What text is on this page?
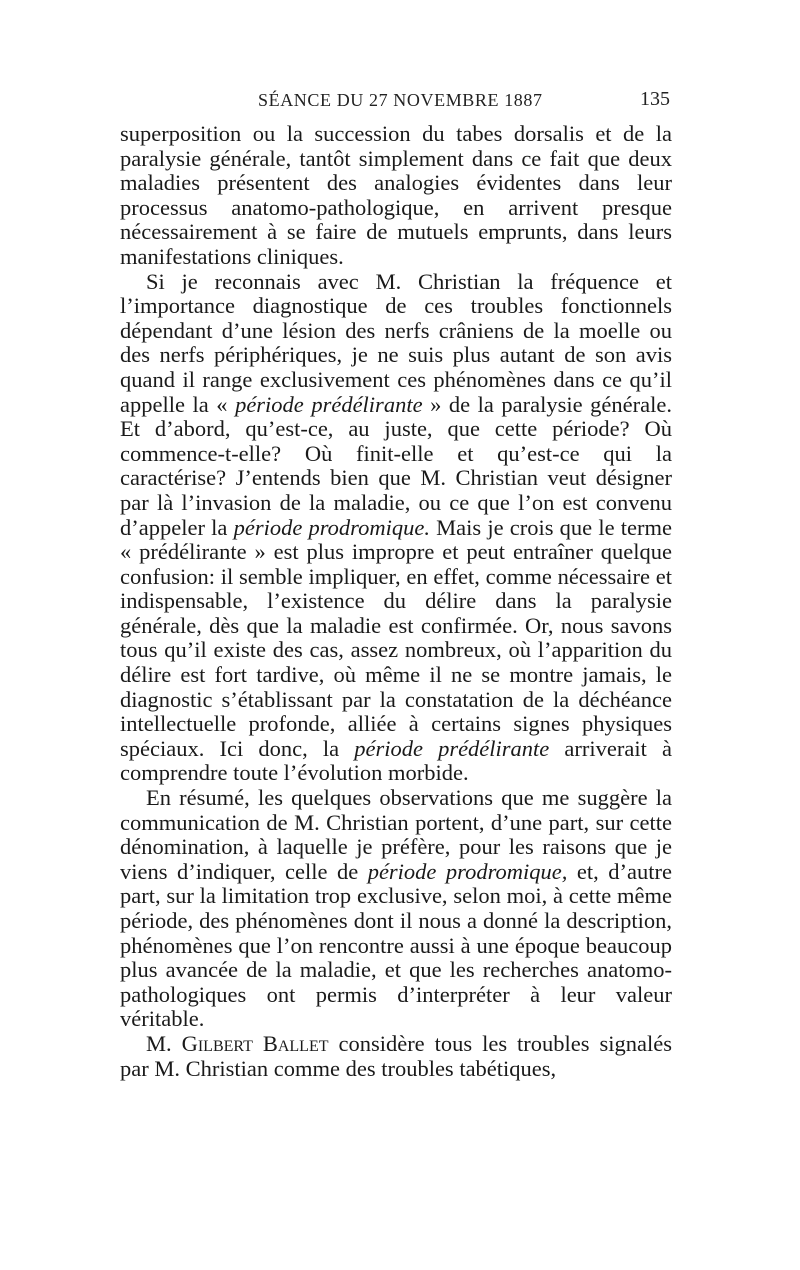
SÉANCE DU 27 NOVEMBRE 1887	135

superposition ou la succession du tabes dorsalis et de la paralysie générale, tantôt simplement dans ce fait que deux maladies présentent des analogies évidentes dans leur processus anatomo-pathologique, en arrivent presque nécessairement à se faire de mutuels emprunts, dans leurs manifestations cliniques.

Si je reconnais avec M. Christian la fréquence et l’importance diagnostique de ces troubles fonctionnels dépendant d’une lésion des nerfs crâniens de la moelle ou des nerfs périphériques, je ne suis plus autant de son avis quand il range exclusivement ces phénomènes dans ce qu’il appelle la « période prédélirante » de la paralysie générale. Et d’abord, qu’est-ce, au juste, que cette période? Où commence-t-elle? Où finit-elle et qu’est-ce qui la caractérise? J’entends bien que M. Christian veut désigner par là l’invasion de la maladie, ou ce que l’on est convenu d’appeler la période prodromique. Mais je crois que le terme « prédélirante » est plus impropre et peut entraîner quelque confusion: il semble impliquer, en effet, comme nécessaire et indispensable, l’existence du délire dans la paralysie générale, dès que la maladie est confirmée. Or, nous savons tous qu’il existe des cas, assez nombreux, où l’apparition du délire est fort tardive, où même il ne se montre jamais, le diagnostic s’établissant par la constatation de la déchéance intellectuelle profonde, alliée à certains signes physiques spéciaux. Ici donc, la période prédélirante arriverait à comprendre toute l’évolution morbide.

En résumé, les quelques observations que me suggère la communication de M. Christian portent, d’une part, sur cette dénomination, à laquelle je préfère, pour les raisons que je viens d’indiquer, celle de période prodromique, et, d’autre part, sur la limitation trop exclusive, selon moi, à cette même période, des phénomènes dont il nous a donné la description, phénomènes que l’on rencontre aussi à une époque beaucoup plus avancée de la maladie, et que les recherches anatomo-pathologiques ont permis d’interpréter à leur valeur véritable.

M. Gilbert Ballet considère tous les troubles signalés par M. Christian comme des troubles tabétiques,
